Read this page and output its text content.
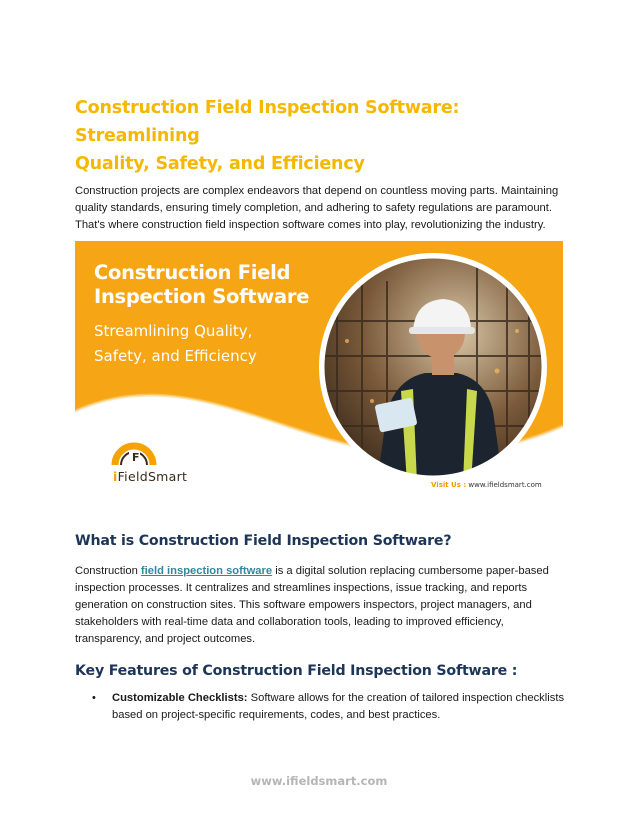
Construction Field Inspection Software: Streamlining
Quality, Safety, and Efficiency

Construction projects are complex endeavors that depend on countless moving parts. Maintaining quality standards, ensuring timely completion, and adhering to safety regulations are paramount. That's where construction field inspection software comes into play, revolutionizing the industry.

Construction Field
Inspection Software
Streamlining Quality,
Safety, and Efficiency
F
iFieldSmart
Visit Us : www.ifieldsmart.com
What is Construction Field Inspection Software?

Construction field inspection software is a digital solution replacing cumbersome paper-based inspection processes. It centralizes and streamlines inspections, issue tracking, and reports generation on construction sites. This software empowers inspectors, project managers, and stakeholders with real-time data and collaboration tools, leading to improved efficiency, transparency, and project outcomes.

Key Features of Construction Field Inspection Software :
•	Customizable Checklists: Software allows for the creation of tailored inspection checklists based on project-specific requirements, codes, and best practices.

www.ifieldsmart.com
